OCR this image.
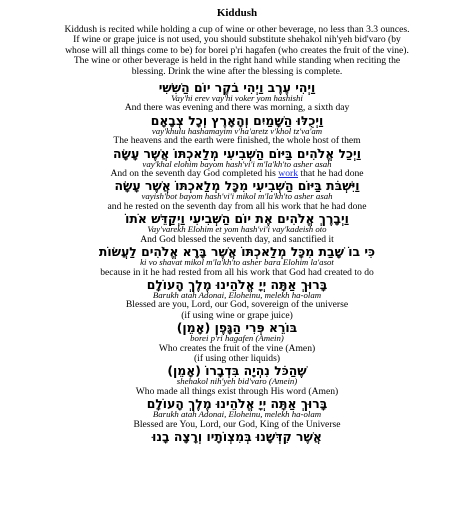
Kiddush
Kiddush is recited while holding a cup of wine or other beverage, no less than 3.3 ounces.
If wine or grape juice is not used, you should substitute shehakol nih'yeh bid'varo (by
whose will all things come to be) for borei p'ri hagafen (who creates the fruit of the vine).
The wine or other beverage is held in the right hand while standing when reciting the
blessing. Drink the wine after the blessing is complete.
וַיְהִי עֶרֶב וַיְהִי בֹקֶר יוֹם הַשִּׁשִּׁי
Vay'hi erev vay'hi voker yom hashishi
And there was evening and there was morning, a sixth day
וַיְכֻלּוּ הַשָּׁמַיִם וְהָאָרֶץ וְכָל צְבָאָם
vay'khulu hashamayim v'ha'aretz v'khol tz'va'am
The heavens and the earth were finished, the whole host of them
וַיְכַל אֱלֹהִים בַּיּוֹם הַשְּׁבִיעִי מְלַאכְתּוֹ אֲשֶׁר עָשָׂה
vay'khal elohim bayom hash'vi'i m'la'kh'to asher asah
And on the seventh day God completed his work that he had done
וַיִּשְׁבֹּת בַּיּוֹם הַשְּׁבִיעִי מִכָּל מְלַאכְתּוֹ אֲשֶׁר עָשָׂה
vayish'bot bayom hash'vi'i mikol m'la'kh'to asher asah
and he rested on the seventh day from all his work that he had done
וַיְבָרֶךְ אֱלֹהִים אֶת יוֹם הַשְּׁבִיעִי וַיְקַדֵּשׁ אֹתוֹ
Vay'varekh Elohim et yom hash'vi'i vay'kadeish oto
And God blessed the seventh day, and sanctified it
כִּי בוֹ שָׁבַת מִכָּל מְלַאכְתּוֹ אֲשֶׁר בָּרָא אֱלֹהִים לַעֲשׂוֹת
ki vo shavat mikol m'la'kh'to asher bara Elohim la'asot
because in it he had rested from all his work that God had created to do
בָּרוּךְ אַתָּה יְיָ אֱלֹהֵינוּ מֶלֶךְ הָעוֹלָם
Barukh atah Adonai, Eloheinu, melekh ha-olam
Blessed are you, Lord, our God, sovereign of the universe
(if using wine or grape juice)
בּוֹרֵא פְּרִי הַגָּפֶן (אָמֵן)
borei p'ri hagafen (Amein)
Who creates the fruit of the vine (Amen)
(if using other liquids)
שֶׁהַכֹּל נִהְיָה בִּדְבָרוֹ (אָמֵן)
shehakol nih'yeh bid'varo (Amein)
Who made all things exist through His word (Amen)
בָּרוּךְ אַתָּה יְיָ אֱלֹהֵינוּ מֶלֶךְ הָעוֹלָם
Barukh atah Adonai, Eloheinu, melekh ha-olam
Blessed are You, Lord, our God, King of the Universe
אֲשֶׁר קִדְּשָׁנוּ בְּמִצְוֹתָיו וְרָצָה בָנוּ
